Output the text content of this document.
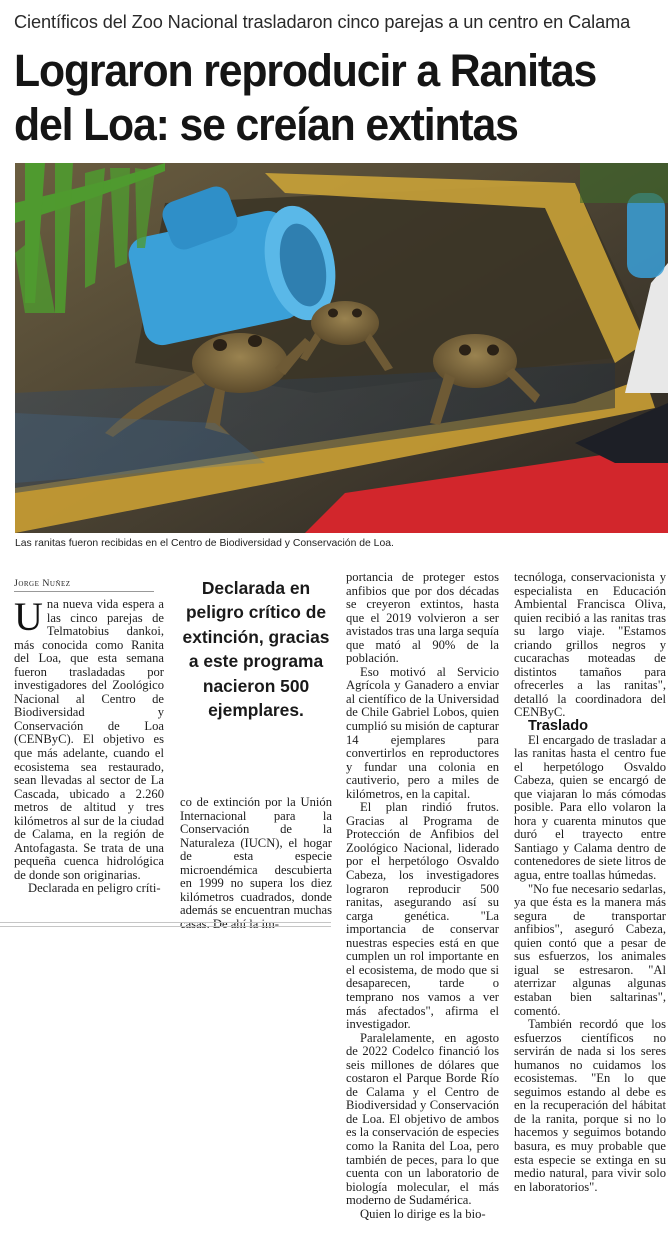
Científicos del Zoo Nacional trasladaron cinco parejas a un centro en Calama
Lograron reproducir a Ranitas del Loa: se creían extintas
Las ranitas fueron recibidas en el Centro de Biodiversidad y Conservación de Loa.
Jorge Nuñez

Una nueva vida espera a las cinco parejas de Telmatobius dankoi, más conocida como Ranita del Loa, que esta semana fueron trasladadas por investigadores del Zoológico Nacional al Centro de Biodiversidad y Conservación de Loa (CENByC). El objetivo es que más adelante, cuando el ecosistema sea restaurado, sean llevadas al sector de La Cascada, ubicado a 2.260 metros de altitud y tres kilómetros al sur de la ciudad de Calama, en la región de Antofagasta. Se trata de una pequeña cuenca hidrológica de donde son originarias.

Declarada en peligro críti-

Declarada en peligro crítico de extinción, gracias a este programa nacieron 500 ejemplares.

co de extinción por la Unión Internacional para la Conservación de la Naturaleza (IUCN), el hogar de esta especie microendémica descubierta en 1999 no supera los diez kilómetros cuadrados, donde además se encuentran muchas casas. De ahí la im-

portancia de proteger estos anfibios que por dos décadas se creyeron extintos, hasta que el 2019 volvieron a ser avistados tras una larga sequía que mató al 90% de la población.

Eso motivó al Servicio Agrícola y Ganadero a enviar al científico de la Universidad de Chile Gabriel Lobos, quien cumplió su misión de capturar 14 ejemplares para convertirlos en reproductores y fundar una colonia en cautiverio, pero a miles de kilómetros, en la capital.

El plan rindió frutos. Gracias al Programa de Protección de Anfibios del Zoológico Nacional, liderado por el herpetólogo Osvaldo Cabeza, los investigadores lograron reproducir 500 ranitas, asegurando así su carga genética. "La importancia de conservar nuestras especies está en que cumplen un rol importante en el ecosistema, de modo que si desaparecen, tarde o temprano nos vamos a ver más afectados", afirma el investigador.

Paralelamente, en agosto de 2022 Codelco financió los seis millones de dólares que costaron el Parque Borde Río de Calama y el Centro de Biodiversidad y Conservación de Loa. El objetivo de ambos es la conservación de especies como la Ranita del Loa, pero también de peces, para lo que cuenta con un laboratorio de biología molecular, el más moderno de Sudamérica.

Quien lo dirige es la bio-

tecnóloga, conservacionista y especialista en Educación Ambiental Francisca Oliva, quien recibió a las ranitas tras su largo viaje. "Estamos criando grillos negros y cucarachas moteadas de distintos tamaños para ofrecerles a las ranitas", detalló la coordinadora del CENByC.

Traslado

El encargado de trasladar a las ranitas hasta el centro fue el herpetólogo Osvaldo Cabeza, quien se encargó de que viajaran lo más cómodas posible. Para ello volaron la hora y cuarenta minutos que duró el trayecto entre Santiago y Calama dentro de contenedores de siete litros de agua, entre toallas húmedas.

"No fue necesario sedarlas, ya que ésta es la manera más segura de transportar anfibios", aseguró Cabeza, quien contó que a pesar de sus esfuerzos, los animales igual se estresaron. "Al aterrizar algunas algunas estaban bien saltarinas", comentó.

También recordó que los esfuerzos científicos no servirán de nada si los seres humanos no cuidamos los ecosistemas. "En lo que seguimos estando al debe es en la recuperación del hábitat de la ranita, porque si no lo hacemos y seguimos botando basura, es muy probable que esta especie se extinga en su medio natural, para vivir solo en laboratorios".
